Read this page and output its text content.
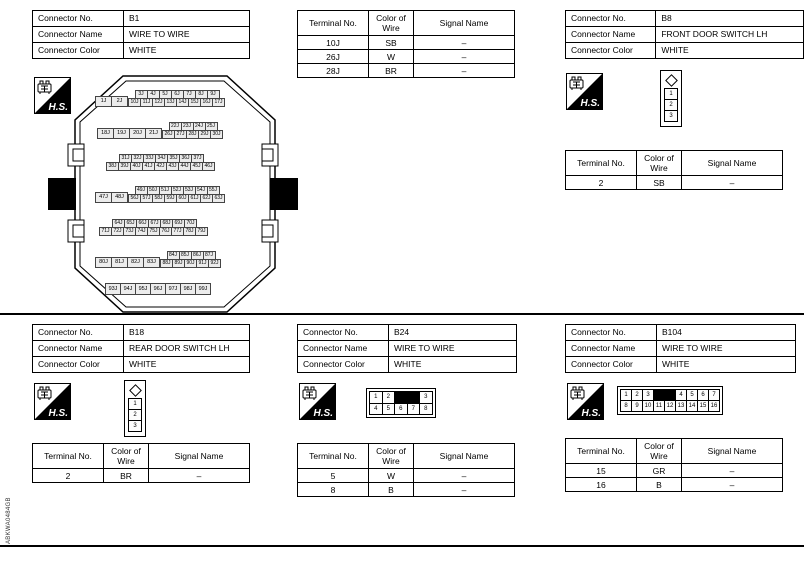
Connector No.	B1
Connector Name	WIRE TO WIRE
Connector Color	WHITE
H.S.
1J	2J
3J	4J	5J	6J	7J	8J	9J
10J 11J 12J 13J 14J 15J 16J 17J
18J	19J	20J	21J
22J 23J 24J 25J
26J 27J 28J 29J 30J
31J 32J 33J 34J 35J 36J 37J
38J 39J 40J 41J 42J 43J 44J 45J 46J
47J	48J
49J 50J 51J 52J 53J 54J 55J
56J 57J 58J 59J 60J 61J 62J 63J
64J 65J 66J 67J 68J 69J 70J
71J 72J 73J 74J 75J 76J 77J 78J 79J
80J	81J	82J	83J
84J 85J 86J 87J
88J 89J 90J 91J 92J
93J	94J	95J	96J	97J	98J	99J
Terminal No.	Color of Wire	Signal Name
10J	SB	–
26J	W	–
28J	BR	–
Connector No.	B8
Connector Name	FRONT DOOR SWITCH LH
Connector Color	WHITE
H.S.
1
2
3
Terminal No.	Color of Wire	Signal Name
2	SB	–
Connector No.	B18
Connector Name	REAR DOOR SWITCH LH
Connector Color	WHITE
H.S.
1
2
3
Terminal No.	Color of Wire	Signal Name
2	BR	–
Connector No.	B24
Connector Name	WIRE TO WIRE
Connector Color	WHITE
H.S.
1	2	3
4	5	6	7	8
Terminal No.	Color of Wire	Signal Name
5	W	–
8	B	–
Connector No.	B104
Connector Name	WIRE TO WIRE
Connector Color	WHITE
H.S.
1	2	3	4	5	6	7
8	9 10 11 12 13 14 15 16
Terminal No.	Color of Wire	Signal Name
15	GR	–
16	B	–
ABKWA0484GB
